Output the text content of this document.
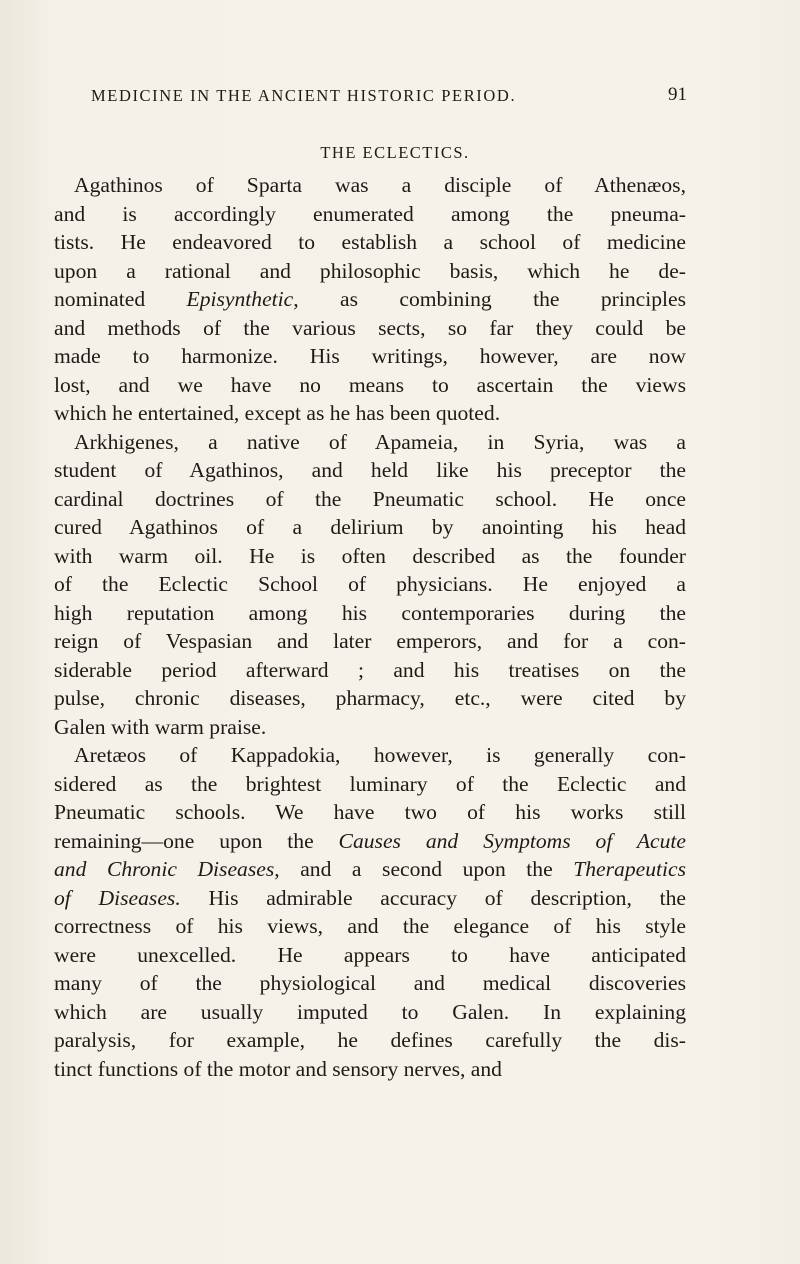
MEDICINE IN THE ANCIENT HISTORIC PERIOD.	91
THE ECLECTICS.
Agathinos of Sparta was a disciple of Athenæos,
and is accordingly enumerated among the pneuma-
tists. He endeavored to establish a school of medicine
upon a rational and philosophic basis, which he de-
nominated Episynthetic, as combining the principles
and methods of the various sects, so far they could be
made to harmonize. His writings, however, are now
lost, and we have no means to ascertain the views
which he entertained, except as he has been quoted.
Arkhigenes, a native of Apameia, in Syria, was a
student of Agathinos, and held like his preceptor the
cardinal doctrines of the Pneumatic school. He once
cured Agathinos of a delirium by anointing his head
with warm oil. He is often described as the founder
of the Eclectic School of physicians. He enjoyed a
high reputation among his contemporaries during the
reign of Vespasian and later emperors, and for a con-
siderable period afterward ; and his treatises on the
pulse, chronic diseases, pharmacy, etc., were cited by
Galen with warm praise.
Aretæos of Kappadokia, however, is generally con-
sidered as the brightest luminary of the Eclectic and
Pneumatic schools. We have two of his works still
remaining—one upon the Causes and Symptoms of Acute
and Chronic Diseases, and a second upon the Therapeutics
of Diseases. His admirable accuracy of description, the
correctness of his views, and the elegance of his style
were unexcelled. He appears to have anticipated
many of the physiological and medical discoveries
which are usually imputed to Galen. In explaining
paralysis, for example, he defines carefully the dis-
tinct functions of the motor and sensory nerves, and
